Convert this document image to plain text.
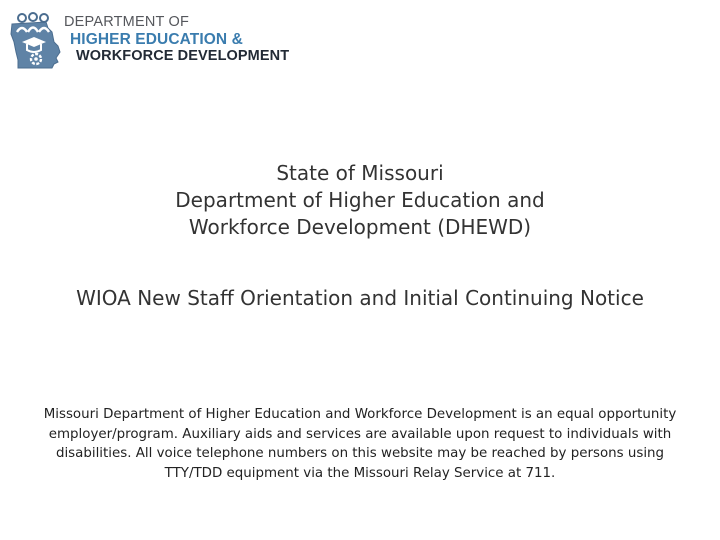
DEPARTMENT OF
HIGHER EDUCATION &
WORKFORCE DEVELOPMENT
State of Missouri
Department of Higher Education and
Workforce Development (DHEWD)
WIOA New Staff Orientation and Initial Continuing Notice
Missouri Department of Higher Education and Workforce Development is an equal opportunity employer/program. Auxiliary aids and services are available upon request to individuals with disabilities. All voice telephone numbers on this website may be reached by persons using TTY/TDD equipment via the Missouri Relay Service at 711.
